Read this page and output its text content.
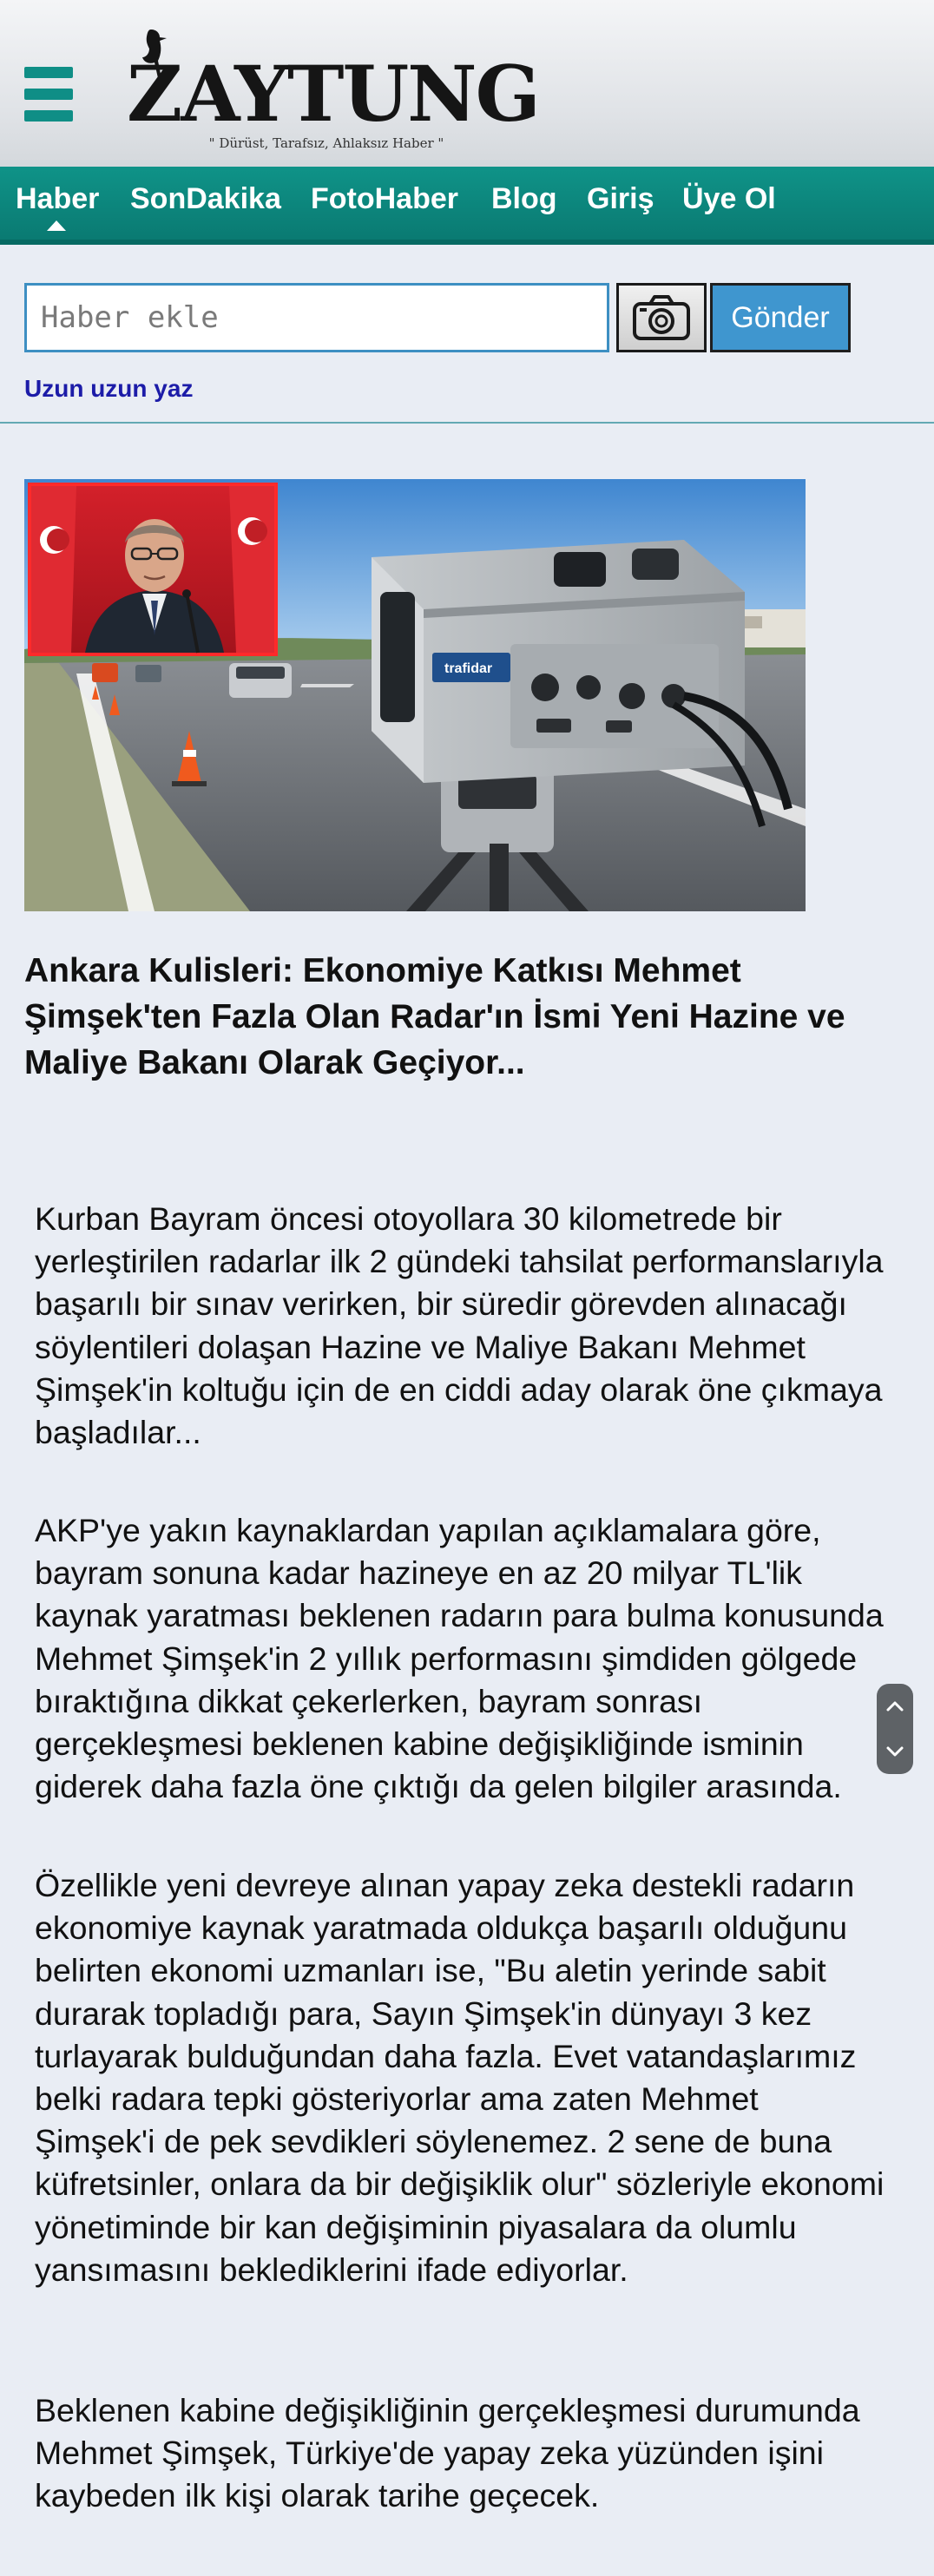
ZAYTUNG
" Dürüst, Tarafsız, Ahlaksız Haber "
Haber SonDakika FotoHaber Blog Giriş Üye Ol
Haber ekle
Gönder
Uzun uzun yaz
trafidar
Ankara Kulisleri: Ekonomiye Katkısı Mehmet Şimşek'ten Fazla Olan Radar'ın İsmi Yeni Hazine ve Maliye Bakanı Olarak Geçiyor...

Kurban Bayram öncesi otoyollara 30 kilometrede bir yerleştirilen radarlar ilk 2 gündeki tahsilat performanslarıyla başarılı bir sınav verirken, bir süredir görevden alınacağı söylentileri dolaşan Hazine ve Maliye Bakanı Mehmet Şimşek'in koltuğu için de en ciddi aday olarak öne çıkmaya başladılar...

AKP'ye yakın kaynaklardan yapılan açıklamalara göre, bayram sonuna kadar hazineye en az 20 milyar TL'lik kaynak yaratması beklenen radarın para bulma konusunda Mehmet Şimşek'in 2 yıllık performasını şimdiden gölgede bıraktığına dikkat çekerlerken, bayram sonrası gerçekleşmesi beklenen kabine değişikliğinde isminin giderek daha fazla öne çıktığı da gelen bilgiler arasında.

Özellikle yeni devreye alınan yapay zeka destekli radarın ekonomiye kaynak yaratmada oldukça başarılı olduğunu belirten ekonomi uzmanları ise, "Bu aletin yerinde sabit durarak topladığı para, Sayın Şimşek'in dünyayı 3 kez turlayarak bulduğundan daha fazla. Evet vatandaşlarımız belki radara tepki gösteriyorlar ama zaten Mehmet Şimşek'i de pek sevdikleri söylenemez. 2 sene de buna küfretsinler, onlara da bir değişiklik olur" sözleriyle ekonomi yönetiminde bir kan değişiminin piyasalara da olumlu yansımasını beklediklerini ifade ediyorlar.

Beklenen kabine değişikliğinin gerçekleşmesi durumunda Mehmet Şimşek, Türkiye'de yapay zeka yüzünden işini kaybeden ilk kişi olarak tarihe geçecek.
